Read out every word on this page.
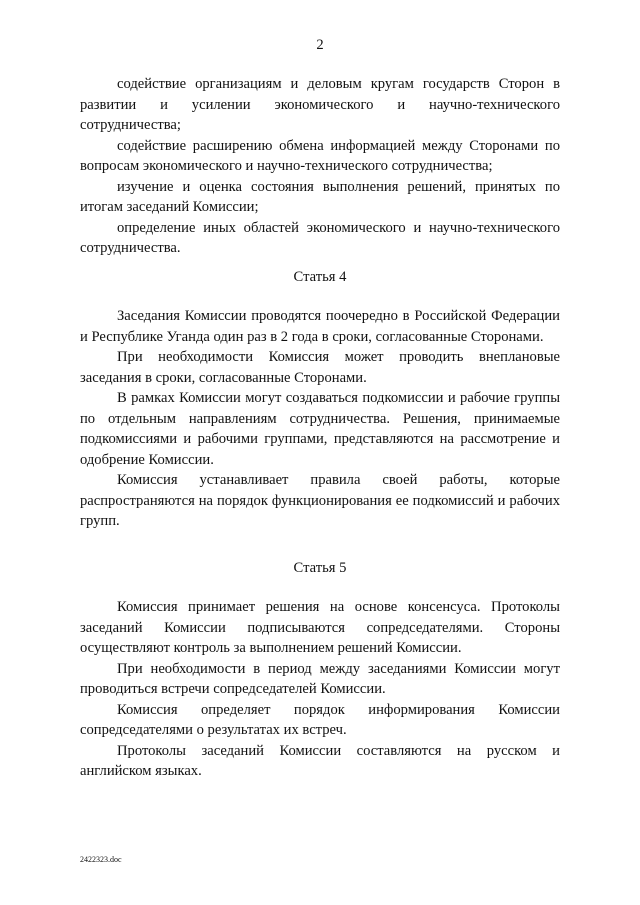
2

содействие организациям и деловым кругам государств Сторон в развитии и усилении экономического и научно-технического сотрудничества;

содействие расширению обмена информацией между Сторонами по вопросам экономического и научно-технического сотрудничества;

изучение и оценка состояния выполнения решений, принятых по итогам заседаний Комиссии;

определение иных областей экономического и научно-технического сотрудничества.

Статья 4

Заседания Комиссии проводятся поочередно в Российской Федерации и Республике Уганда один раз в 2 года в сроки, согласованные Сторонами.

При необходимости Комиссия может проводить внеплановые заседания в сроки, согласованные Сторонами.

В рамках Комиссии могут создаваться подкомиссии и рабочие группы по отдельным направлениям сотрудничества. Решения, принимаемые подкомиссиями и рабочими группами, представляются на рассмотрение и одобрение Комиссии.

Комиссия устанавливает правила своей работы, которые распространяются на порядок функционирования ее подкомиссий и рабочих групп.

Статья 5

Комиссия принимает решения на основе консенсуса. Протоколы заседаний Комиссии подписываются сопредседателями. Стороны осуществляют контроль за выполнением решений Комиссии.

При необходимости в период между заседаниями Комиссии могут проводиться встречи сопредседателей Комиссии.

Комиссия определяет порядок информирования Комиссии сопредседателями о результатах их встреч.

Протоколы заседаний Комиссии составляются на русском и английском языках.

2422323.doc
